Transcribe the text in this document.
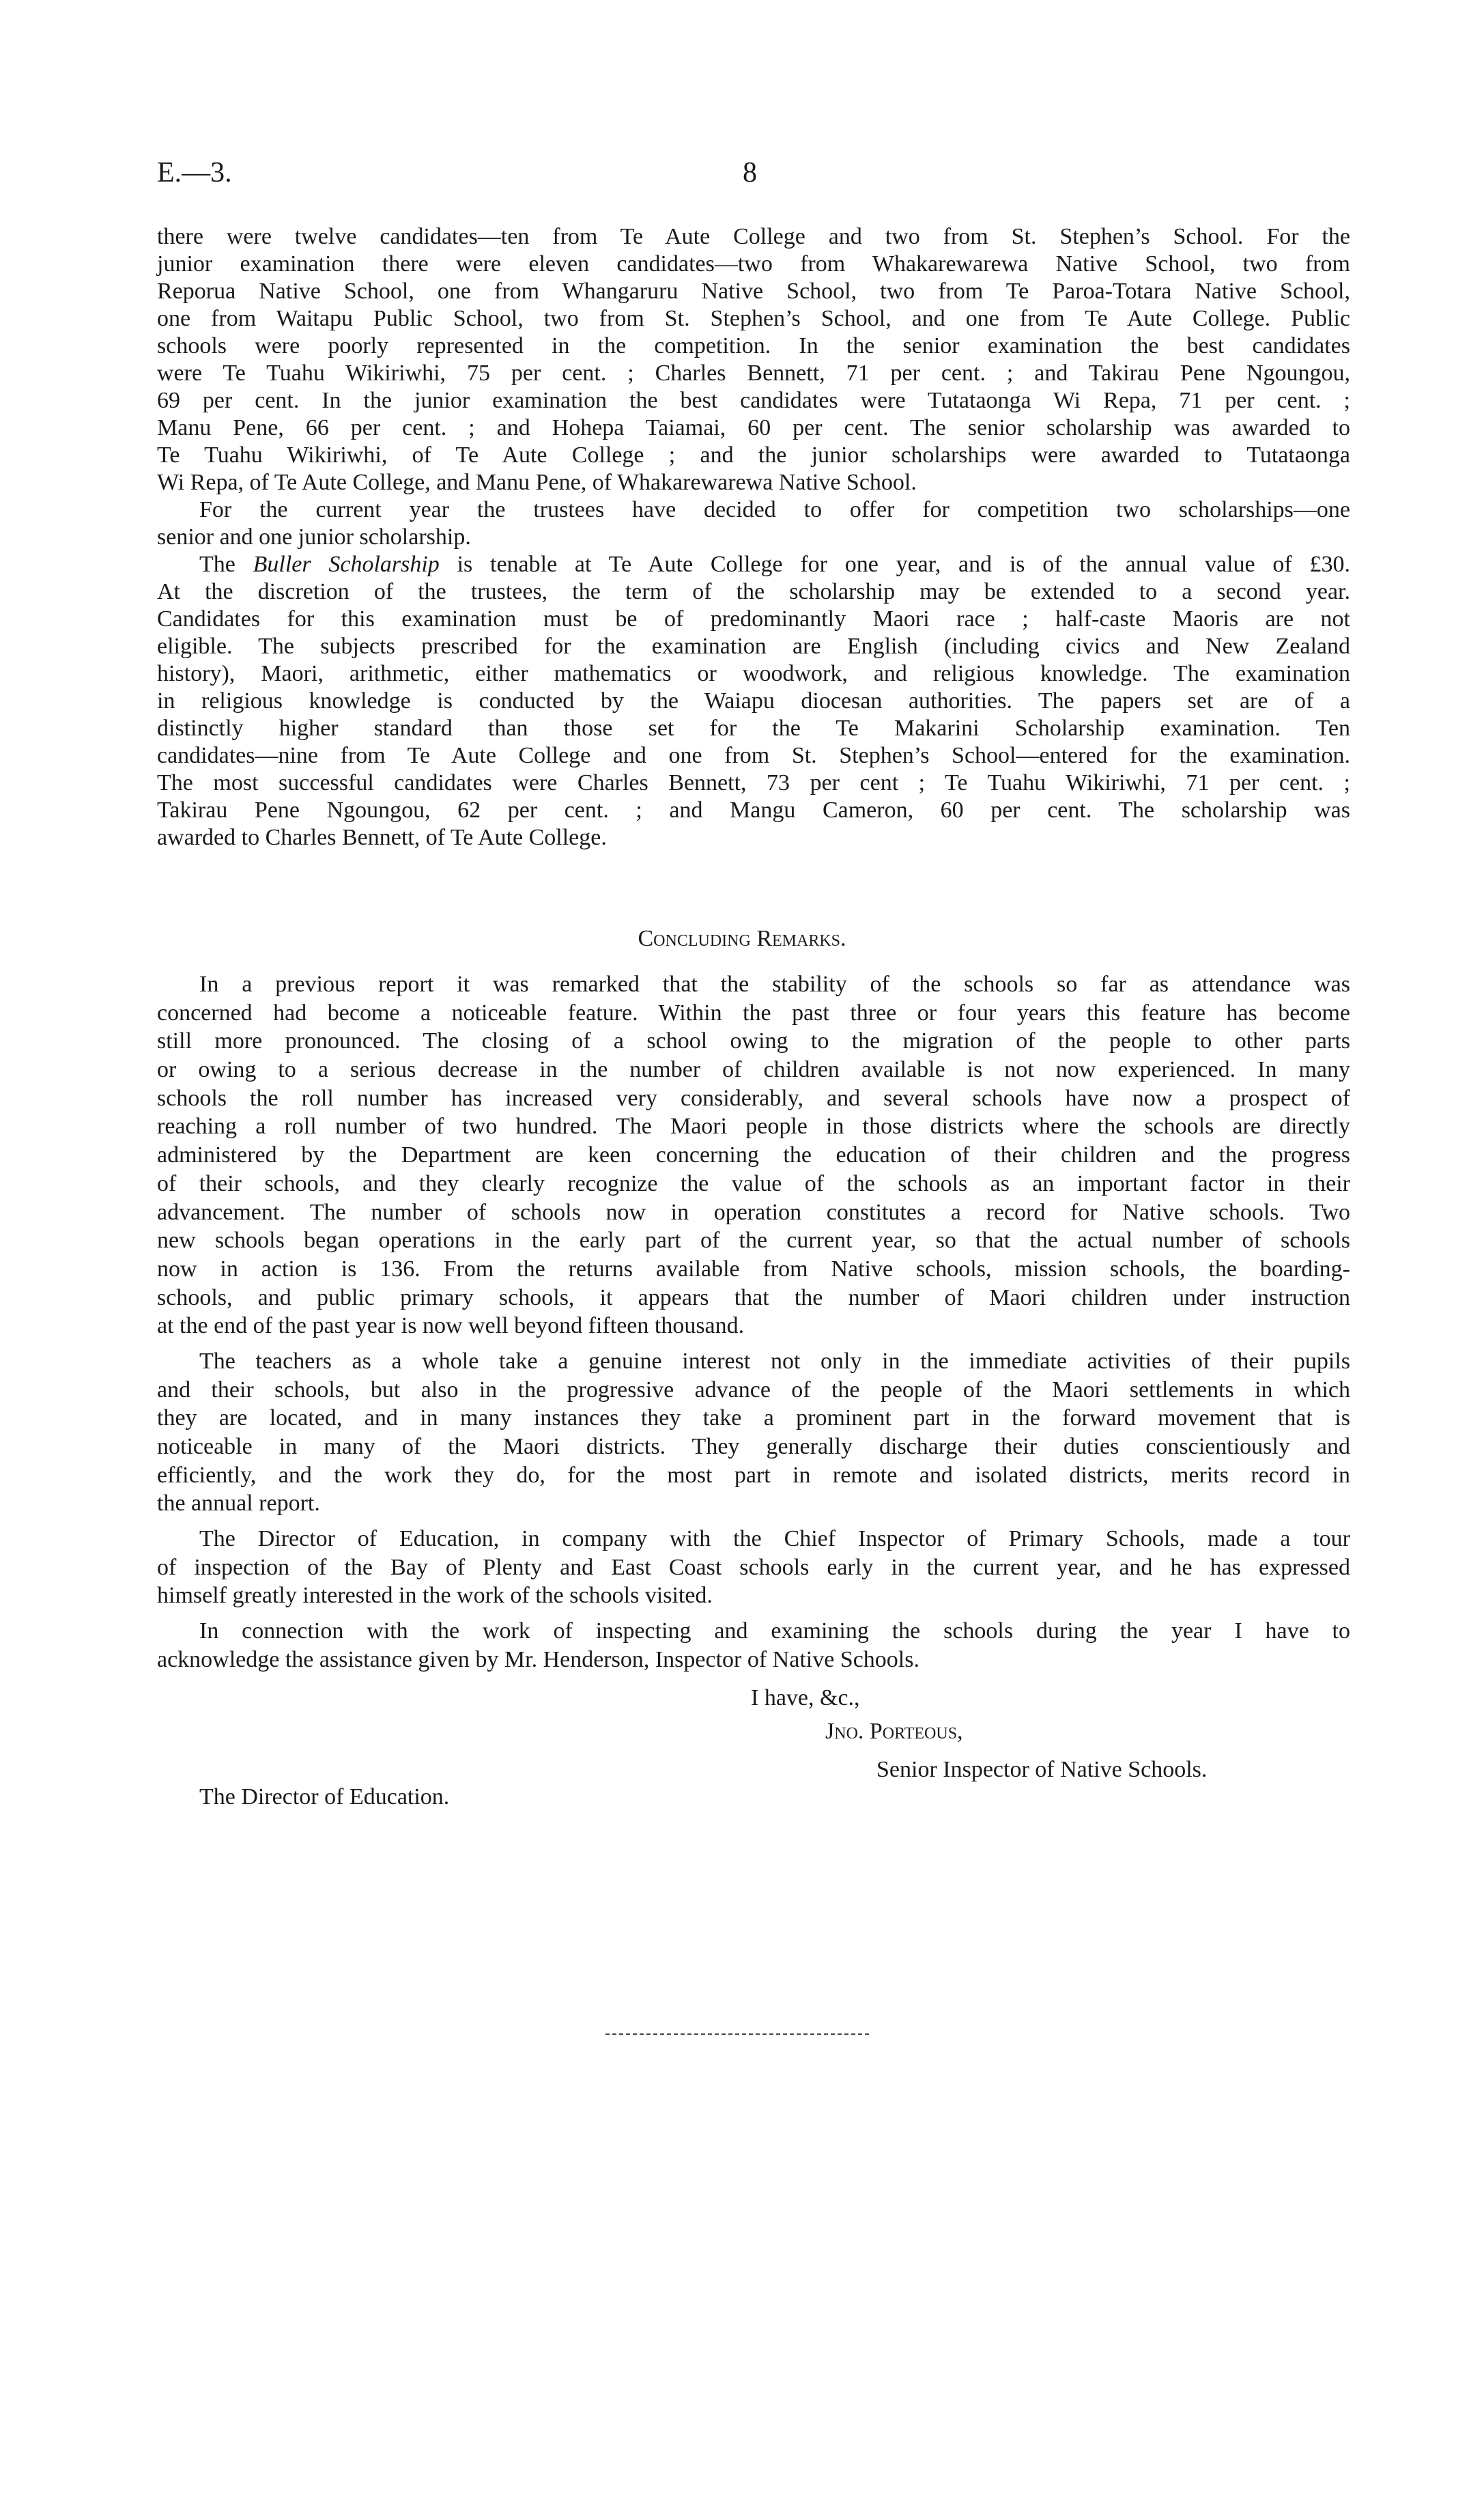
E.—3.	8
there were twelve candidates—ten from Te Aute College and two from St. Stephen’s School. For the
junior examination there were eleven candidates—two from Whakarewarewa Native School, two from
Reporua Native School, one from Whangaruru Native School, two from Te Paroa-Totara Native School,
one from Waitapu Public School, two from St. Stephen’s School, and one from Te Aute College. Public
schools were poorly represented in the competition. In the senior examination the best candidates
were Te Tuahu Wikiriwhi, 75 per cent. ; Charles Bennett, 71 per cent. ; and Takirau Pene Ngoungou,
69 per cent. In the junior examination the best candidates were Tutataonga Wi Repa, 71 per cent. ;
Manu Pene, 66 per cent. ; and Hohepa Taiamai, 60 per cent. The senior scholarship was awarded to
Te Tuahu Wikiriwhi, of Te Aute College ; and the junior scholarships were awarded to Tutataonga
Wi Repa, of Te Aute College, and Manu Pene, of Whakarewarewa Native School.
For the current year the trustees have decided to offer for competition two scholarships—one
senior and one junior scholarship.
The Buller Scholarship is tenable at Te Aute College for one year, and is of the annual value of £30.
At the discretion of the trustees, the term of the scholarship may be extended to a second year.
Candidates for this examination must be of predominantly Maori race ; half-caste Maoris are not
eligible. The subjects prescribed for the examination are English (including civics and New Zealand
history), Maori, arithmetic, either mathematics or woodwork, and religious knowledge. The examination
in religious knowledge is conducted by the Waiapu diocesan authorities. The papers set are of a
distinctly higher standard than those set for the Te Makarini Scholarship examination. Ten
candidates—nine from Te Aute College and one from St. Stephen’s School—entered for the examination.
The most successful candidates were Charles Bennett, 73 per cent ; Te Tuahu Wikiriwhi, 71 per cent. ;
Takirau Pene Ngoungou, 62 per cent. ; and Mangu Cameron, 60 per cent. The scholarship was
awarded to Charles Bennett, of Te Aute College.
Concluding Remarks.
In a previous report it was remarked that the stability of the schools so far as attendance was
concerned had become a noticeable feature. Within the past three or four years this feature has become
still more pronounced. The closing of a school owing to the migration of the people to other parts
or owing to a serious decrease in the number of children available is not now experienced. In many
schools the roll number has increased very considerably, and several schools have now a prospect of
reaching a roll number of two hundred. The Maori people in those districts where the schools are directly
administered by the Department are keen concerning the education of their children and the progress
of their schools, and they clearly recognize the value of the schools as an important factor in their
advancement. The number of schools now in operation constitutes a record for Native schools. Two
new schools began operations in the early part of the current year, so that the actual number of schools
now in action is 136. From the returns available from Native schools, mission schools, the boarding-
schools, and public primary schools, it appears that the number of Maori children under instruction
at the end of the past year is now well beyond fifteen thousand.
The teachers as a whole take a genuine interest not only in the immediate activities of their pupils
and their schools, but also in the progressive advance of the people of the Maori settlements in which
they are located, and in many instances they take a prominent part in the forward movement that is
noticeable in many of the Maori districts. They generally discharge their duties conscientiously and
efficiently, and the work they do, for the most part in remote and isolated districts, merits record in
the annual report.
The Director of Education, in company with the Chief Inspector of Primary Schools, made a tour
of inspection of the Bay of Plenty and East Coast schools early in the current year, and he has expressed
himself greatly interested in the work of the schools visited.
In connection with the work of inspecting and examining the schools during the year I have to
acknowledge the assistance given by Mr. Henderson, Inspector of Native Schools.
I have, &c.,
Jno. Porteous,
Senior Inspector of Native Schools.
The Director of Education.
